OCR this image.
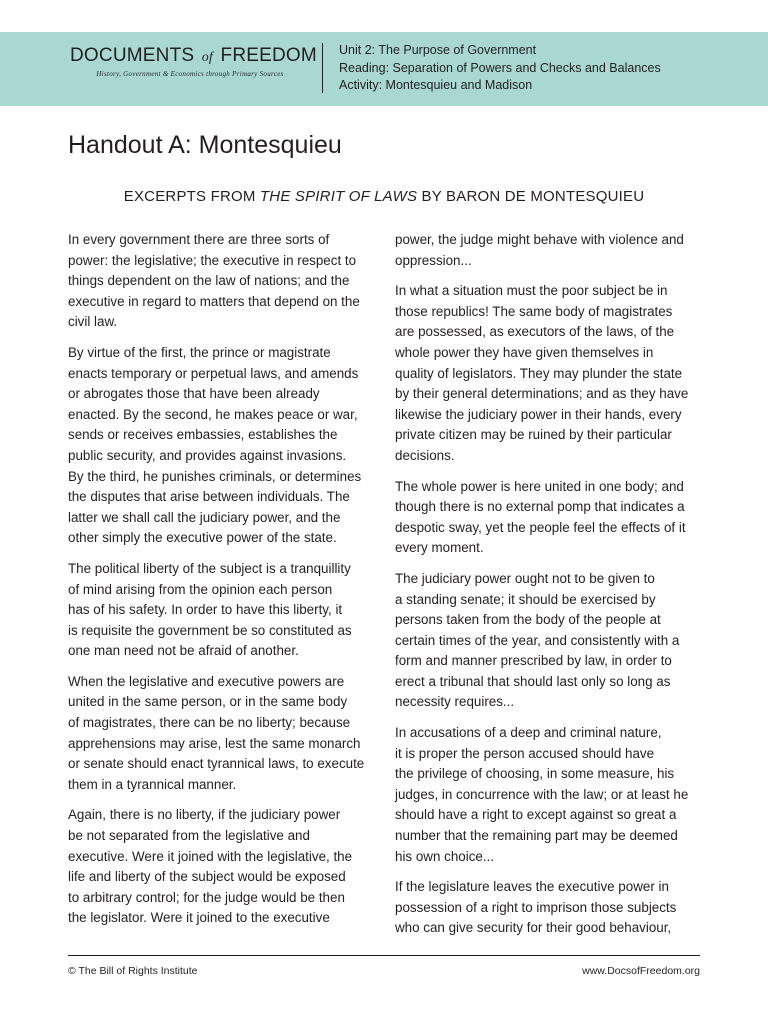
DOCUMENTS of FREEDOM
History, Government & Economics through Primary Sources
Unit 2: The Purpose of Government
Reading: Separation of Powers and Checks and Balances
Activity: Montesquieu and Madison
Handout A: Montesquieu
EXCERPTS FROM THE SPIRIT OF LAWS BY BARON DE MONTESQUIEU

In every government there are three sorts of
power: the legislative; the executive in respect to
things dependent on the law of nations; and the
executive in regard to matters that depend on the
civil law.

By virtue of the first, the prince or magistrate
enacts temporary or perpetual laws, and amends
or abrogates those that have been already
enacted. By the second, he makes peace or war,
sends or receives embassies, establishes the
public security, and provides against invasions.
By the third, he punishes criminals, or determines
the disputes that arise between individuals. The
latter we shall call the judiciary power, and the
other simply the executive power of the state.

The political liberty of the subject is a tranquillity
of mind arising from the opinion each person
has of his safety. In order to have this liberty, it
is requisite the government be so constituted as
one man need not be afraid of another.

When the legislative and executive powers are
united in the same person, or in the same body
of magistrates, there can be no liberty; because
apprehensions may arise, lest the same monarch
or senate should enact tyrannical laws, to execute
them in a tyrannical manner.

Again, there is no liberty, if the judiciary power
be not separated from the legislative and
executive. Were it joined with the legislative, the
life and liberty of the subject would be exposed
to arbitrary control; for the judge would be then
the legislator. Were it joined to the executive

power, the judge might behave with violence and
oppression...

In what a situation must the poor subject be in
those republics! The same body of magistrates
are possessed, as executors of the laws, of the
whole power they have given themselves in
quality of legislators. They may plunder the state
by their general determinations; and as they have
likewise the judiciary power in their hands, every
private citizen may be ruined by their particular
decisions.

The whole power is here united in one body; and
though there is no external pomp that indicates a
despotic sway, yet the people feel the effects of it
every moment.

The judiciary power ought not to be given to
a standing senate; it should be exercised by
persons taken from the body of the people at
certain times of the year, and consistently with a
form and manner prescribed by law, in order to
erect a tribunal that should last only so long as
necessity requires...

In accusations of a deep and criminal nature,
it is proper the person accused should have
the privilege of choosing, in some measure, his
judges, in concurrence with the law; or at least he
should have a right to except against so great a
number that the remaining part may be deemed
his own choice...

If the legislature leaves the executive power in
possession of a right to imprison those subjects
who can give security for their good behaviour,

© The Bill of Rights Institute	www.DocsofFreedom.org
